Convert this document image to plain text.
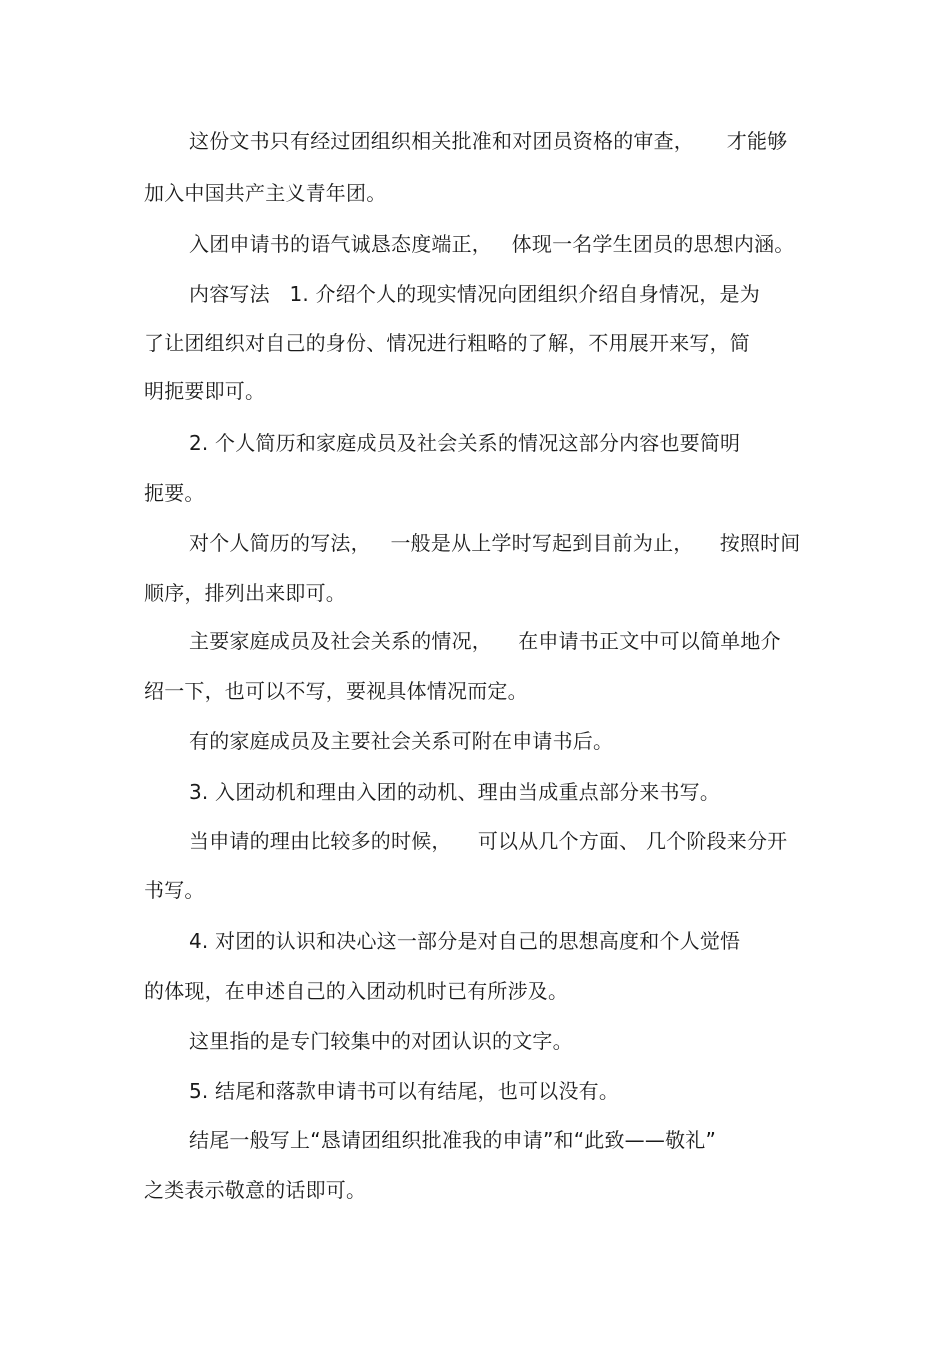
这份文书只有经过团组织相关批准和对团员资格的审查，     才能够
加入中国共产主义青年团。
入团申请书的语气诚恳态度端正，   体现一名学生团员的思想内涵。
内容写法   1. 介绍个人的现实情况向团组织介绍自身情况，是为
了让团组织对自己的身份、情况进行粗略的了解，不用展开来写，简
明扼要即可。
2. 个人简历和家庭成员及社会关系的情况这部分内容也要简明
扼要。
对个人简历的写法，   一般是从上学时写起到目前为止，    按照时间
顺序，排列出来即可。
主要家庭成员及社会关系的情况，    在申请书正文中可以简单地介
绍一下，也可以不写，要视具体情况而定。
有的家庭成员及主要社会关系可附在申请书后。
3. 入团动机和理由入团的动机、理由当成重点部分来书写。
当申请的理由比较多的时候，    可以从几个方面、 几个阶段来分开
书写。
4. 对团的认识和决心这一部分是对自己的思想高度和个人觉悟
的体现，在申述自己的入团动机时已有所涉及。
这里指的是专门较集中的对团认识的文字。
5. 结尾和落款申请书可以有结尾，也可以没有。
结尾一般写上“恳请团组织批准我的申请”和“此致——敬礼”
之类表示敬意的话即可。
